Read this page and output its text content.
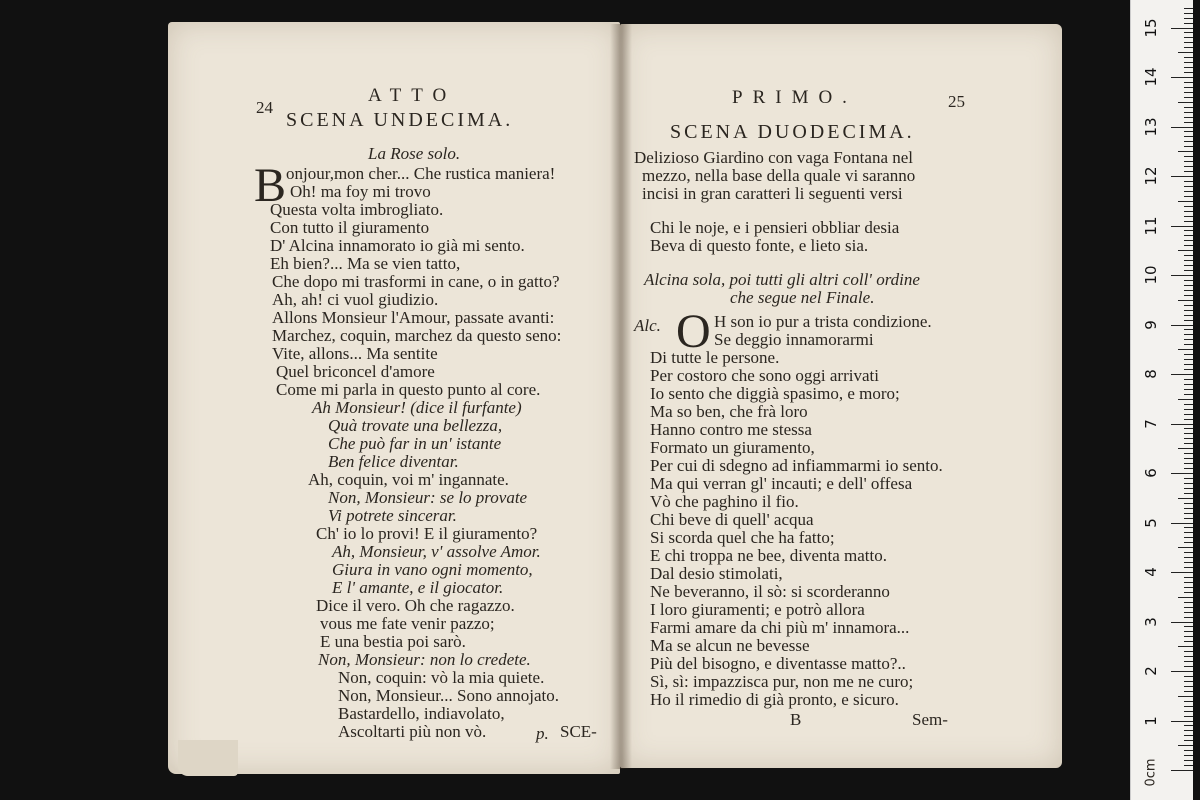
24
ATTO
SCENA UNDECIMA.
La Rose solo.
B onjour,mon cher... Che rustica maniera!
Oh! ma foy mi trovo
Questa volta imbrogliato.
Con tutto il giuramento
D' Alcina innamorato io già mi sento.
Eh bien?... Ma se vien tatto,
Che dopo mi trasformi in cane, o in gatto?
Ah, ah! ci vuol giudizio.
Allons Monsieur l'Amour, passate avanti:
Marchez, coquin, marchez da questo seno:
Vite, allons... Ma sentite
Quel briconcel d'amore
Come mi parla in questo punto al core.
Ah Monsieur! (dice il furfante)
Quà trovate una bellezza,
Che può far in un' istante
Ben felice diventar.
Ah, coquin, voi m' ingannate.
Non, Monsieur: se lo provate
Vi potrete sincerar.
Ch' io lo provi! E il giuramento?
Ah, Monsieur, v' assolve Amor.
Giura in vano ogni momento,
E l' amante, e il giocator.
Dice il vero. Oh che ragazzo.
vous me fate venir pazzo;
E una bestia poi sarò.
Non, Monsieur: non lo credete.
Non, coquin: vò la mia quiete.
Non, Monsieur... Sono annojato.
Bastardello, indiavolato,
Ascoltarti più non vò.	p. SCE-
PRIMO.	25
SCENA DUODECIMA.
Delizioso Giardino con vaga Fontana nel
mezzo, nella base della quale vi saranno
incisi in gran caratteri li seguenti versi
Chi le noje, e i pensieri obbliar desia
Beva di questo fonte, e lieto sia.
Alcina sola, poi tutti gli altri coll' ordine
che segue nel Finale.
Alc. O H son io pur a trista condizione.
Se deggio innamorarmi
Di tutte le persone.
Per costoro che sono oggi arrivati
Io sento che diggià spasimo, e moro;
Ma so ben, che frà loro
Hanno contro me stessa
Formato un giuramento,
Per cui di sdegno ad infiammarmi io sento.
Ma qui verran gl' incauti; e dell' offesa
Vò che paghino il fio.
Chi beve di quell' acqua
Si scorda quel che ha fatto;
E chi troppa ne bee, diventa matto.
Dal desio stimolati,
Ne beveranno, il sò: si scorderanno
I loro giuramenti; e potrò allora
Farmi amare da chi più m' innamora...
Ma se alcun ne bevesse
Più del bisogno, e diventasse matto?..
Sì, sì: impazzisca pur, non me ne curo;
Ho il rimedio di già pronto, e sicuro.
B	Sem-	1
2
3
4
5
6
7
8
9
10
11
12
13
14
15
0cm
